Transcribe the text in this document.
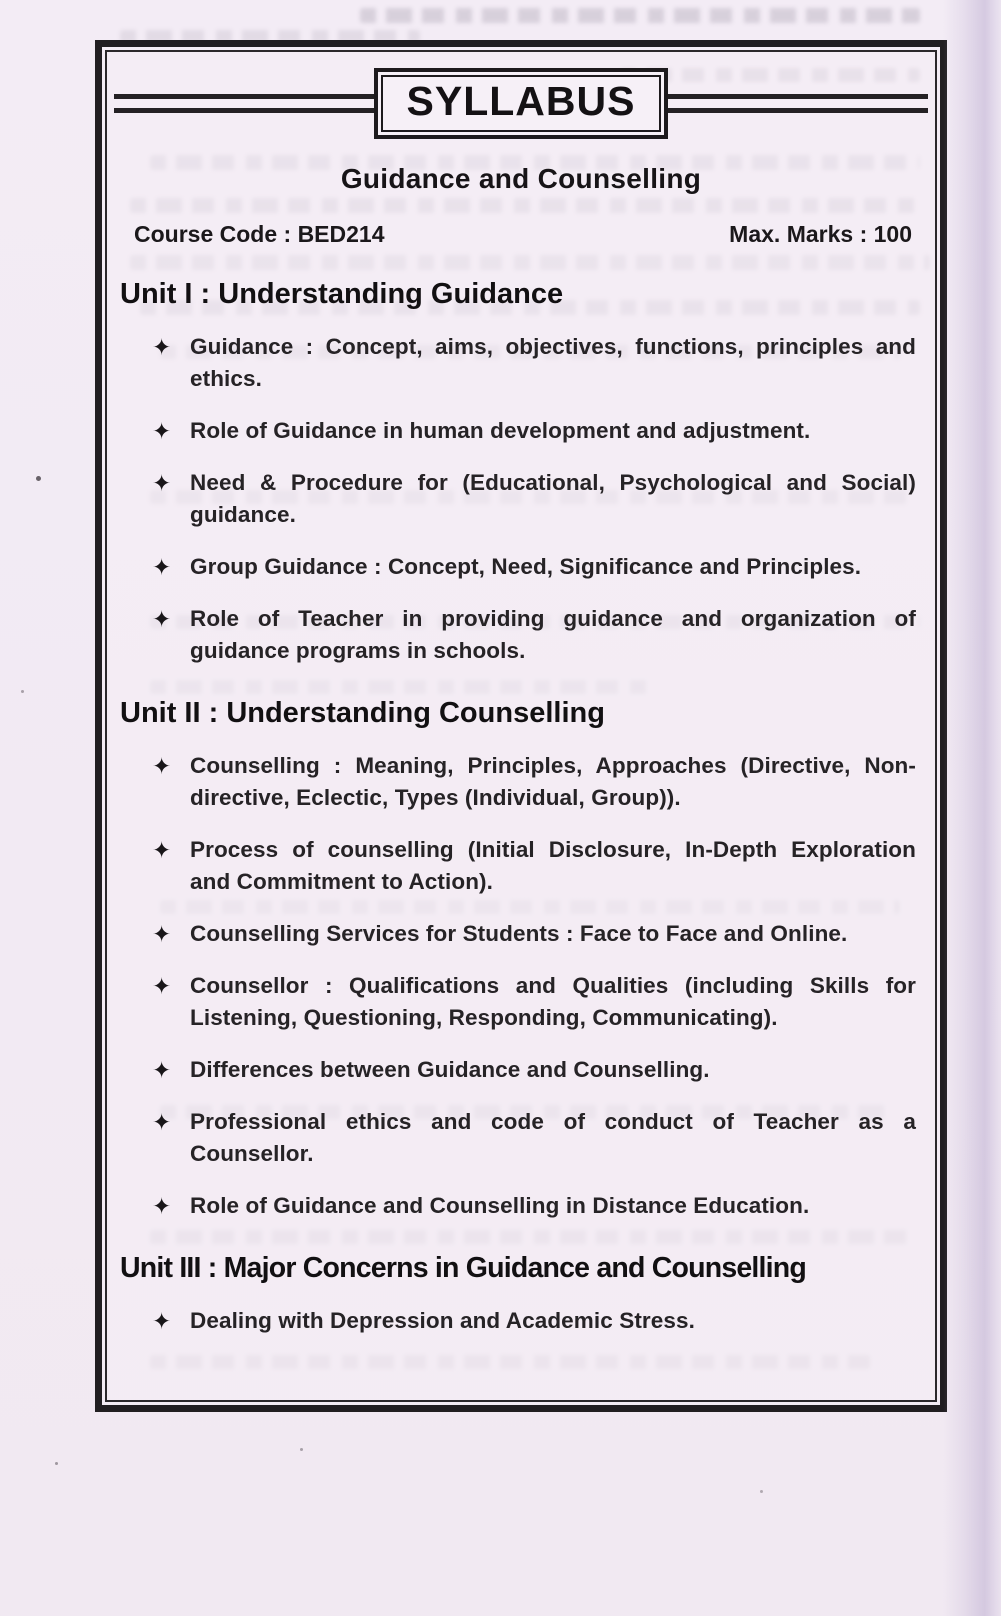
SYLLABUS
Guidance and Counselling
Course Code : BED214	Max. Marks : 100
Unit I : Understanding Guidance
✦ Guidance : Concept, aims, objectives, functions, principles and ethics.

✦ Role of Guidance in human development and adjustment.

✦ Need & Procedure for (Educational, Psychological and Social) guidance.

✦ Group Guidance : Concept, Need, Significance and Principles.

✦ Role of Teacher in providing guidance and organization of guidance programs in schools.

Unit II : Understanding Counselling
✦ Counselling : Meaning, Principles, Approaches (Directive, Non-directive, Eclectic, Types (Individual, Group)).

✦ Process of counselling (Initial Disclosure, In-Depth Exploration and Commitment to Action).

✦ Counselling Services for Students : Face to Face and Online.

✦ Counsellor : Qualifications and Qualities (including Skills for Listening, Questioning, Responding, Communicating).

✦ Differences between Guidance and Counselling.

✦ Professional ethics and code of conduct of Teacher as a Counsellor.

✦ Role of Guidance and Counselling in Distance Education.

Unit III : Major Concerns in Guidance and Counselling
✦ Dealing with Depression and Academic Stress.
